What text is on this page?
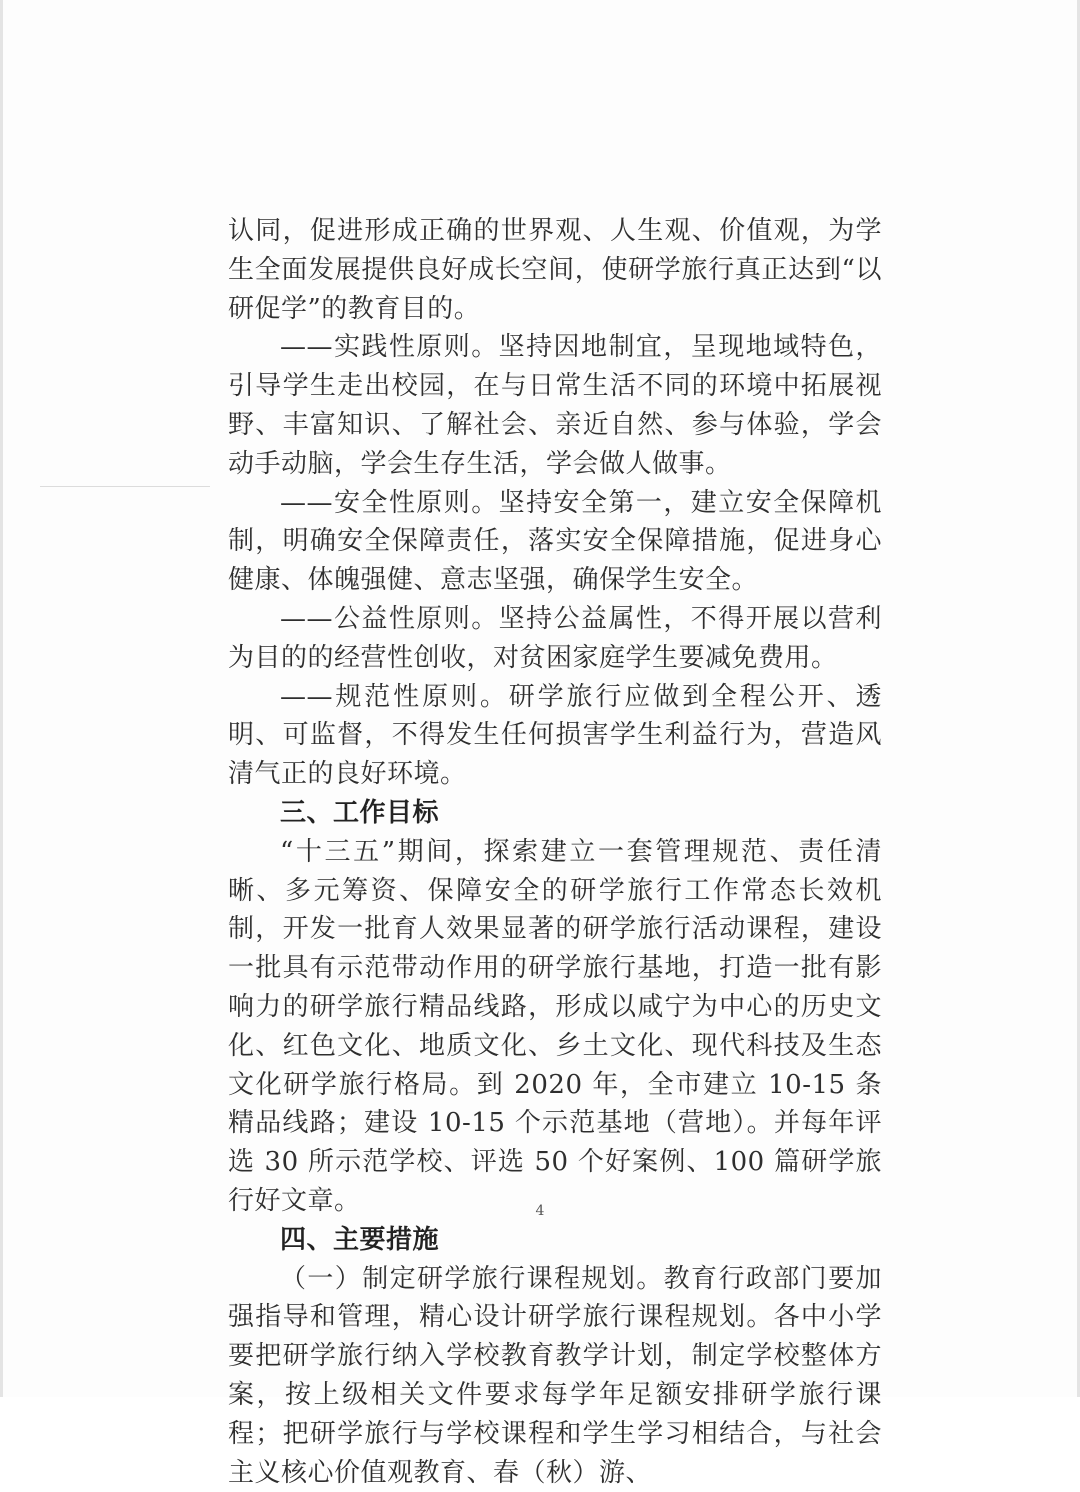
认同，促进形成正确的世界观、人生观、价值观，为学生全面发展提供良好成长空间，使研学旅行真正达到“以研促学”的教育目的。

——实践性原则。坚持因地制宜，呈现地域特色，引导学生走出校园，在与日常生活不同的环境中拓展视野、丰富知识、了解社会、亲近自然、参与体验，学会动手动脑，学会生存生活，学会做人做事。

——安全性原则。坚持安全第一，建立安全保障机制，明确安全保障责任，落实安全保障措施，促进身心健康、体魄强健、意志坚强，确保学生安全。

——公益性原则。坚持公益属性，不得开展以营利为目的的经营性创收，对贫困家庭学生要减免费用。

——规范性原则。研学旅行应做到全程公开、透明、可监督，不得发生任何损害学生利益行为，营造风清气正的良好环境。

三、工作目标

“十三五”期间，探索建立一套管理规范、责任清晰、多元筹资、保障安全的研学旅行工作常态长效机制，开发一批育人效果显著的研学旅行活动课程，建设一批具有示范带动作用的研学旅行基地，打造一批有影响力的研学旅行精品线路，形成以咸宁为中心的历史文化、红色文化、地质文化、乡土文化、现代科技及生态文化研学旅行格局。到 2020 年，全市建立 10-15 条精品线路；建设 10-15 个示范基地（营地）。并每年评选 30 所示范学校、评选 50 个好案例、100 篇研学旅行好文章。

四、主要措施

（一）制定研学旅行课程规划。教育行政部门要加强指导和管理，精心设计研学旅行课程规划。各中小学要把研学旅行纳入学校教育教学计划，制定学校整体方案，按上级相关文件要求每学年足额安排研学旅行课程；把研学旅行与学校课程和学生学习相结合，与社会主义核心价值观教育、春（秋）游、

4
